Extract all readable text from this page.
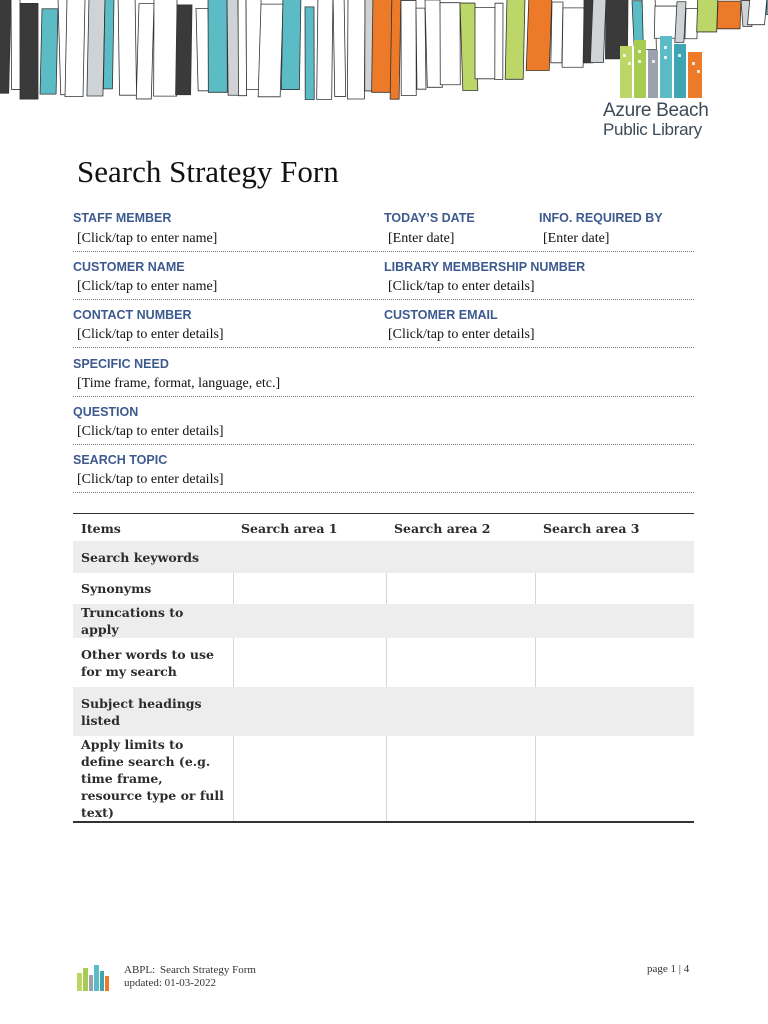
Azure Beach
Public Library
Search Strategy Forn
STAFF MEMBER
[Click/tap to enter name]
TODAY’S DATE
[Enter date]
INFO. REQUIRED BY
[Enter date]
CUSTOMER NAME
[Click/tap to enter name]
LIBRARY MEMBERSHIP NUMBER
[Click/tap to enter details]
CONTACT NUMBER
[Click/tap to enter details]
CUSTOMER EMAIL
[Click/tap to enter details]
SPECIFIC NEED
[Time frame, format, language, etc.]
QUESTION
[Click/tap to enter details]
SEARCH TOPIC
[Click/tap to enter details]
Items	Search area 1	Search area 2	Search area 3
Search keywords			
Synonyms			
Truncations to apply			
Other words to use for my search			
Subject headings listed			
Apply limits to define search (e.g. time frame, resource type or full text)			
ABPL: Search Strategy Form
updated: 01-03-2022
page 1 | 4
